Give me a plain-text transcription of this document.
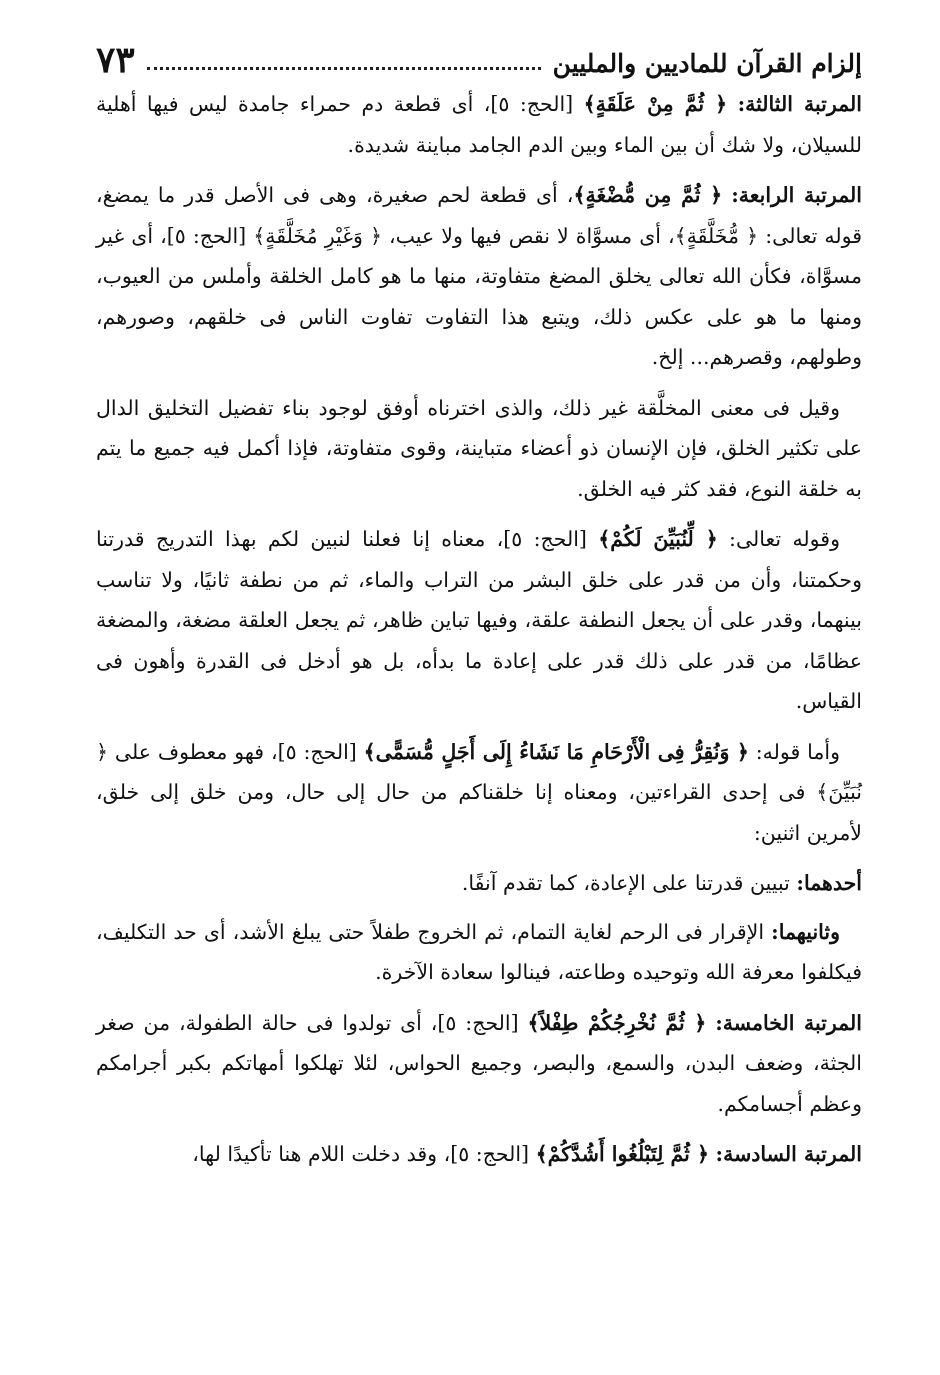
إلزام القرآن للماديين والمليين
٧٣

المرتبة الثالثة: ﴿ ثُمَّ مِنْ عَلَقَةٍ﴾ [الحج: ٥]، أى قطعة دم حمراء جامدة ليس فيها أهلية للسيلان، ولا شك أن بين الماء وبين الدم الجامد مباينة شديدة.

المرتبة الرابعة: ﴿ ثُمَّ مِن مُّضْغَةٍ﴾، أى قطعة لحم صغيرة، وهى فى الأصل قدر ما يمضغ، قوله تعالى: ﴿ مُّخَلَّقَةٍ﴾، أى مسوَّاة لا نقص فيها ولا عيب، ﴿ وَغَيْرِ مُخَلَّقَةٍ﴾ [الحج: ٥]، أى غير مسوَّاة، فكأن الله تعالى يخلق المضغ متفاوتة، منها ما هو كامل الخلقة وأملس من العيوب، ومنها ما هو على عكس ذلك، ويتبع هذا التفاوت تفاوت الناس فى خلقهم، وصورهم، وطولهم، وقصرهم... إلخ.

وقيل فى معنى المخلَّقة غير ذلك، والذى اخترناه أوفق لوجود بناء تفضيل التخليق الدال على تكثير الخلق، فإن الإنسان ذو أعضاء متباينة، وقوى متفاوتة، فإذا أكمل فيه جميع ما يتم به خلقة النوع، فقد كثر فيه الخلق.

وقوله تعالى: ﴿ لِّنُبَيِّنَ لَكُمْ﴾ [الحج: ٥]، معناه إنا فعلنا لنبين لكم بهذا التدريج قدرتنا وحكمتنا، وأن من قدر على خلق البشر من التراب والماء، ثم من نطفة ثانيًا، ولا تناسب بينهما، وقدر على أن يجعل النطفة علقة، وفيها تباين ظاهر، ثم يجعل العلقة مضغة، والمضغة عظامًا، من قدر على ذلك قدر على إعادة ما بدأه، بل هو أدخل فى القدرة وأهون فى القياس.

وأما قوله: ﴿ وَنُقِرُّ فِى الْأَرْحَامِ مَا نَشَاءُ إِلَى أَجَلٍ مُّسَمًّى﴾ [الحج: ٥]، فهو معطوف على ﴿ نُبَيِّنَ﴾ فى إحدى القراءتين، ومعناه إنا خلقناكم من حال إلى حال، ومن خلق إلى خلق، لأمرين اثنين:

أحدهما: تبيين قدرتنا على الإعادة، كما تقدم آنفًا.

وثانيهما: الإقرار فى الرحم لغاية التمام، ثم الخروج طفلاً حتى يبلغ الأشد، أى حد التكليف، فيكلفوا معرفة الله وتوحيده وطاعته، فينالوا سعادة الآخرة.

المرتبة الخامسة: ﴿ ثُمَّ نُخْرِجُكُمْ طِفْلاً﴾ [الحج: ٥]، أى تولدوا فى حالة الطفولة، من صغر الجثة، وضعف البدن، والسمع، والبصر، وجميع الحواس، لئلا تهلكوا أمهاتكم بكبر أجرامكم وعظم أجسامكم.

المرتبة السادسة: ﴿ ثُمَّ لِتَبْلُغُوا أَشُدَّكُمْ﴾ [الحج: ٥]، وقد دخلت اللام هنا تأكيدًا لها،
